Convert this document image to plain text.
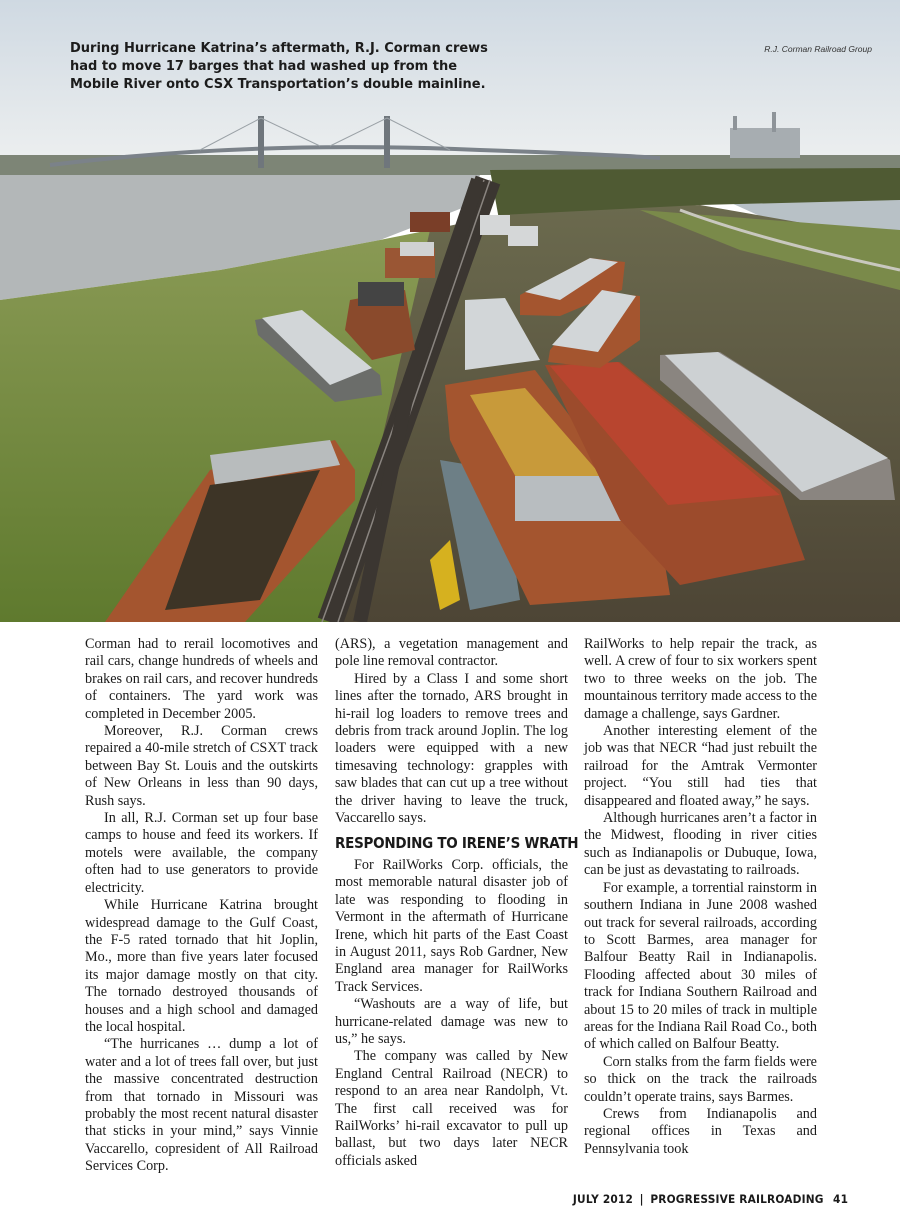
During Hurricane Katrina’s aftermath, R.J. Corman crews had to move 17 barges that had washed up from the Mobile River onto CSX Transportation’s double mainline.
R.J. Corman Railroad Group

Corman had to rerail locomotives and rail cars, change hundreds of wheels and brakes on rail cars, and recover hundreds of containers. The yard work was completed in December 2005.

Moreover, R.J. Corman crews repaired a 40-mile stretch of CSXT track between Bay St. Louis and the outskirts of New Orleans in less than 90 days, Rush says.

In all, R.J. Corman set up four base camps to house and feed its workers. If motels were available, the company often had to use generators to provide electricity.

While Hurricane Katrina brought widespread damage to the Gulf Coast, the F-5 rated tornado that hit Joplin, Mo., more than five years later focused its major damage mostly on that city. The tornado destroyed thousands of houses and a high school and damaged the local hospital.

“The hurricanes … dump a lot of water and a lot of trees fall over, but just the massive concentrated destruction from that tornado in Missouri was probably the most recent natural disaster that sticks in your mind,” says Vinnie Vaccarello, copresident of All Railroad Services Corp.

(ARS), a vegetation management and pole line removal contractor.

Hired by a Class I and some short lines after the tornado, ARS brought in hi-rail log loaders to remove trees and debris from track around Joplin. The log loaders were equipped with a new timesaving technology: grapples with saw blades that can cut up a tree without the driver having to leave the truck, Vaccarello says.

RESPONDING TO IRENE’S WRATH

For RailWorks Corp. officials, the most memorable natural disaster job of late was responding to flooding in Vermont in the aftermath of Hurricane Irene, which hit parts of the East Coast in August 2011, says Rob Gardner, New England area manager for RailWorks Track Services.

“Washouts are a way of life, but hurricane-related damage was new to us,” he says.

The company was called by New England Central Railroad (NECR) to respond to an area near Randolph, Vt. The first call received was for RailWorks’ hi-rail excavator to pull up ballast, but two days later NECR officials asked

RailWorks to help repair the track, as well. A crew of four to six workers spent two to three weeks on the job. The mountainous territory made access to the damage a challenge, says Gardner.

Another interesting element of the job was that NECR “had just rebuilt the railroad for the Amtrak Vermonter project. “You still had ties that disappeared and floated away,” he says.

Although hurricanes aren’t a factor in the Midwest, flooding in river cities such as Indianapolis or Dubuque, Iowa, can be just as devastating to railroads.

For example, a torrential rainstorm in southern Indiana in June 2008 washed out track for several railroads, according to Scott Barmes, area manager for Balfour Beatty Rail in Indianapolis. Flooding affected about 30 miles of track for Indiana Southern Railroad and about 15 to 20 miles of track in multiple areas for the Indiana Rail Road Co., both of which called on Balfour Beatty.

Corn stalks from the farm fields were so thick on the track the railroads couldn’t operate trains, says Barmes.

Crews from Indianapolis and regional offices in Texas and Pennsylvania took

JULY 2012 | PROGRESSIVE RAILROADING 41
